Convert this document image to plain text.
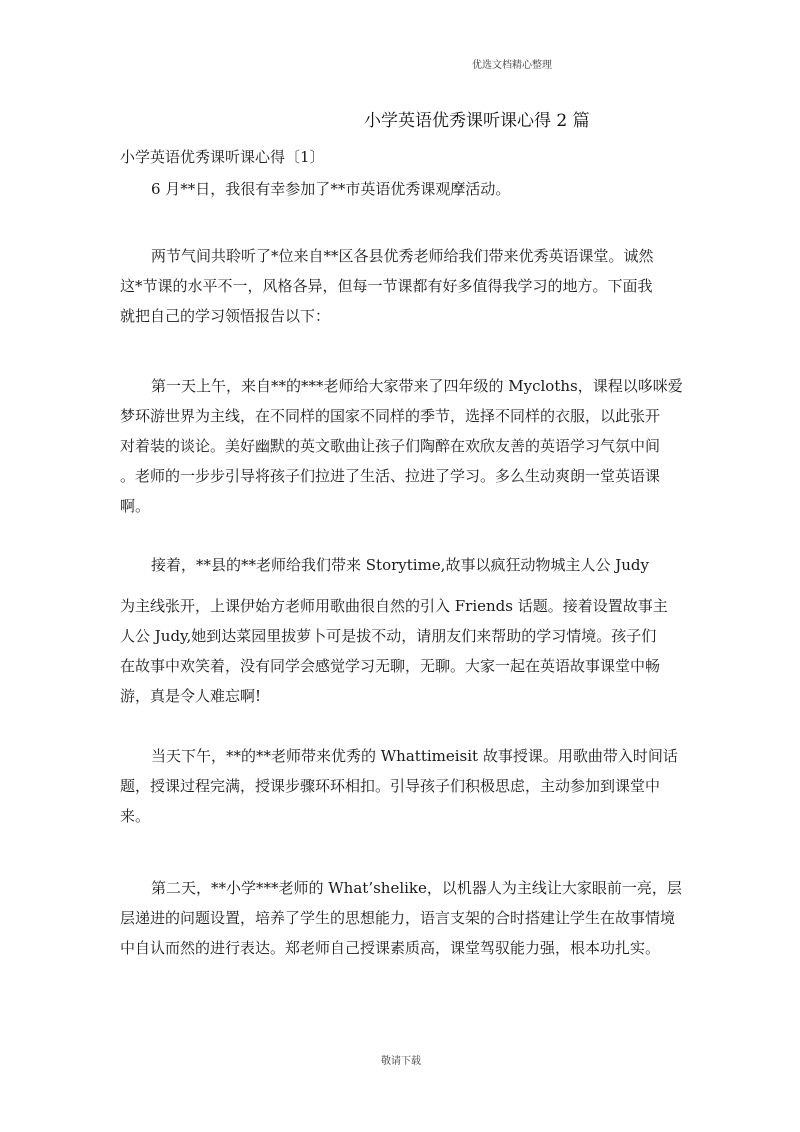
优选文档精心整理
小学英语优秀课听课心得 2 篇
小学英语优秀课听课心得〔1〕
6 月**日，我很有幸参加了**市英语优秀课观摩活动。
两节气间共聆听了*位来自**区各县优秀老师给我们带来优秀英语课堂。诚然
这*节课的水平不一，风格各异，但每一节课都有好多值得我学习的地方。下面我
就把自己的学习领悟报告以下：
第一天上午，来自**的***老师给大家带来了四年级的 Mycloths，课程以哆咪爱
梦环游世界为主线，在不同样的国家不同样的季节，选择不同样的衣服，以此张开
对着装的谈论。美好幽默的英文歌曲让孩子们陶醉在欢欣友善的英语学习气氛中间
。老师的一步步引导将孩子们拉进了生活、拉进了学习。多么生动爽朗一堂英语课
啊。
接着，**县的**老师给我们带来 Storytime,故事以疯狂动物城主人公 Judy
为主线张开，上课伊始方老师用歌曲很自然的引入 Friends 话题。接着设置故事主
人公 Judy,她到达菜园里拔萝卜可是拔不动，请朋友们来帮助的学习情境。孩子们
在故事中欢笑着，没有同学会感觉学习无聊，无聊。大家一起在英语故事课堂中畅
游，真是令人难忘啊!
当天下午，**的**老师带来优秀的 Whattimeisit 故事授课。用歌曲带入时间话
题，授课过程完满，授课步骤环环相扣。引导孩子们积极思虑，主动参加到课堂中
来。
第二天，**小学***老师的 What’shelike，以机器人为主线让大家眼前一亮，层
层递进的问题设置，培养了学生的思想能力，语言支架的合时搭建让学生在故事情境
中自认而然的进行表达。郑老师自己授课素质高，课堂驾驭能力强，根本功扎实。
敬请下载
